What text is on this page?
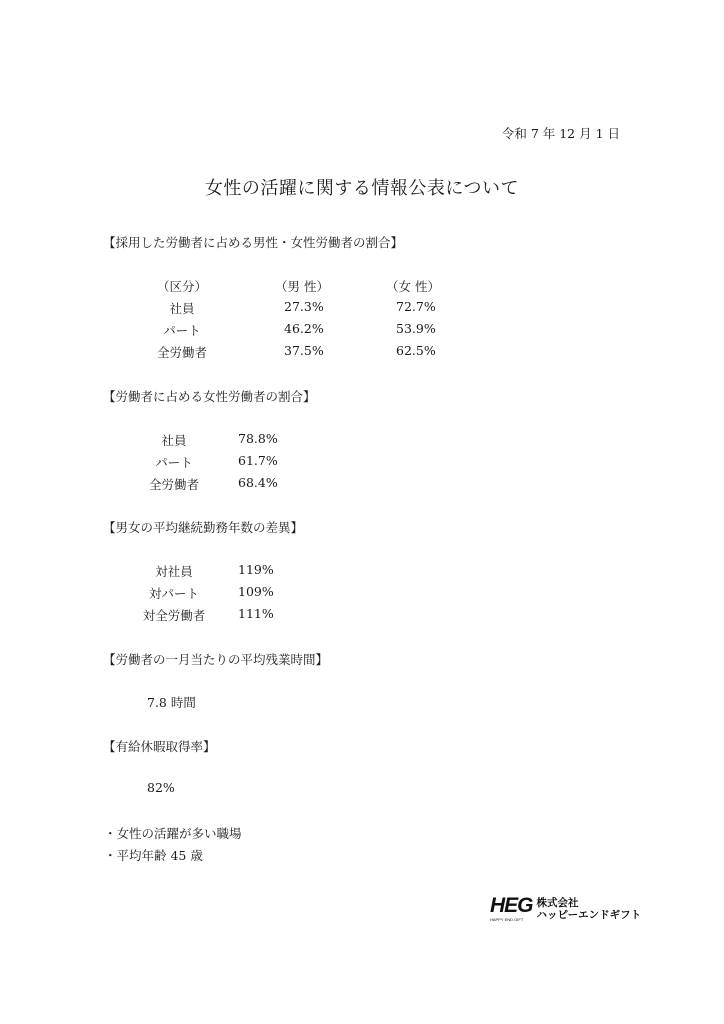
令和 7 年 12 月 1 日
女性の活躍に関する情報公表について
【採用した労働者に占める男性・女性労働者の割合】
（区分）	（男 性）	（女 性）
社員	27.3%	72.7%
パート	46.2%	53.9%
全労働者	37.5%	62.5%
【労働者に占める女性労働者の割合】
社員	78.8%
パート	61.7%
全労働者	68.4%
【男女の平均継続勤務年数の差異】
対社員	119%
対パート	109%
対全労働者	111%
【労働者の一月当たりの平均残業時間】
7.8 時間
【有給休暇取得率】
82%
・女性の活躍が多い職場
・平均年齢 45 歳
HEG
HAPPY END GIFT
株式会社
ハッピーエンドギフト
